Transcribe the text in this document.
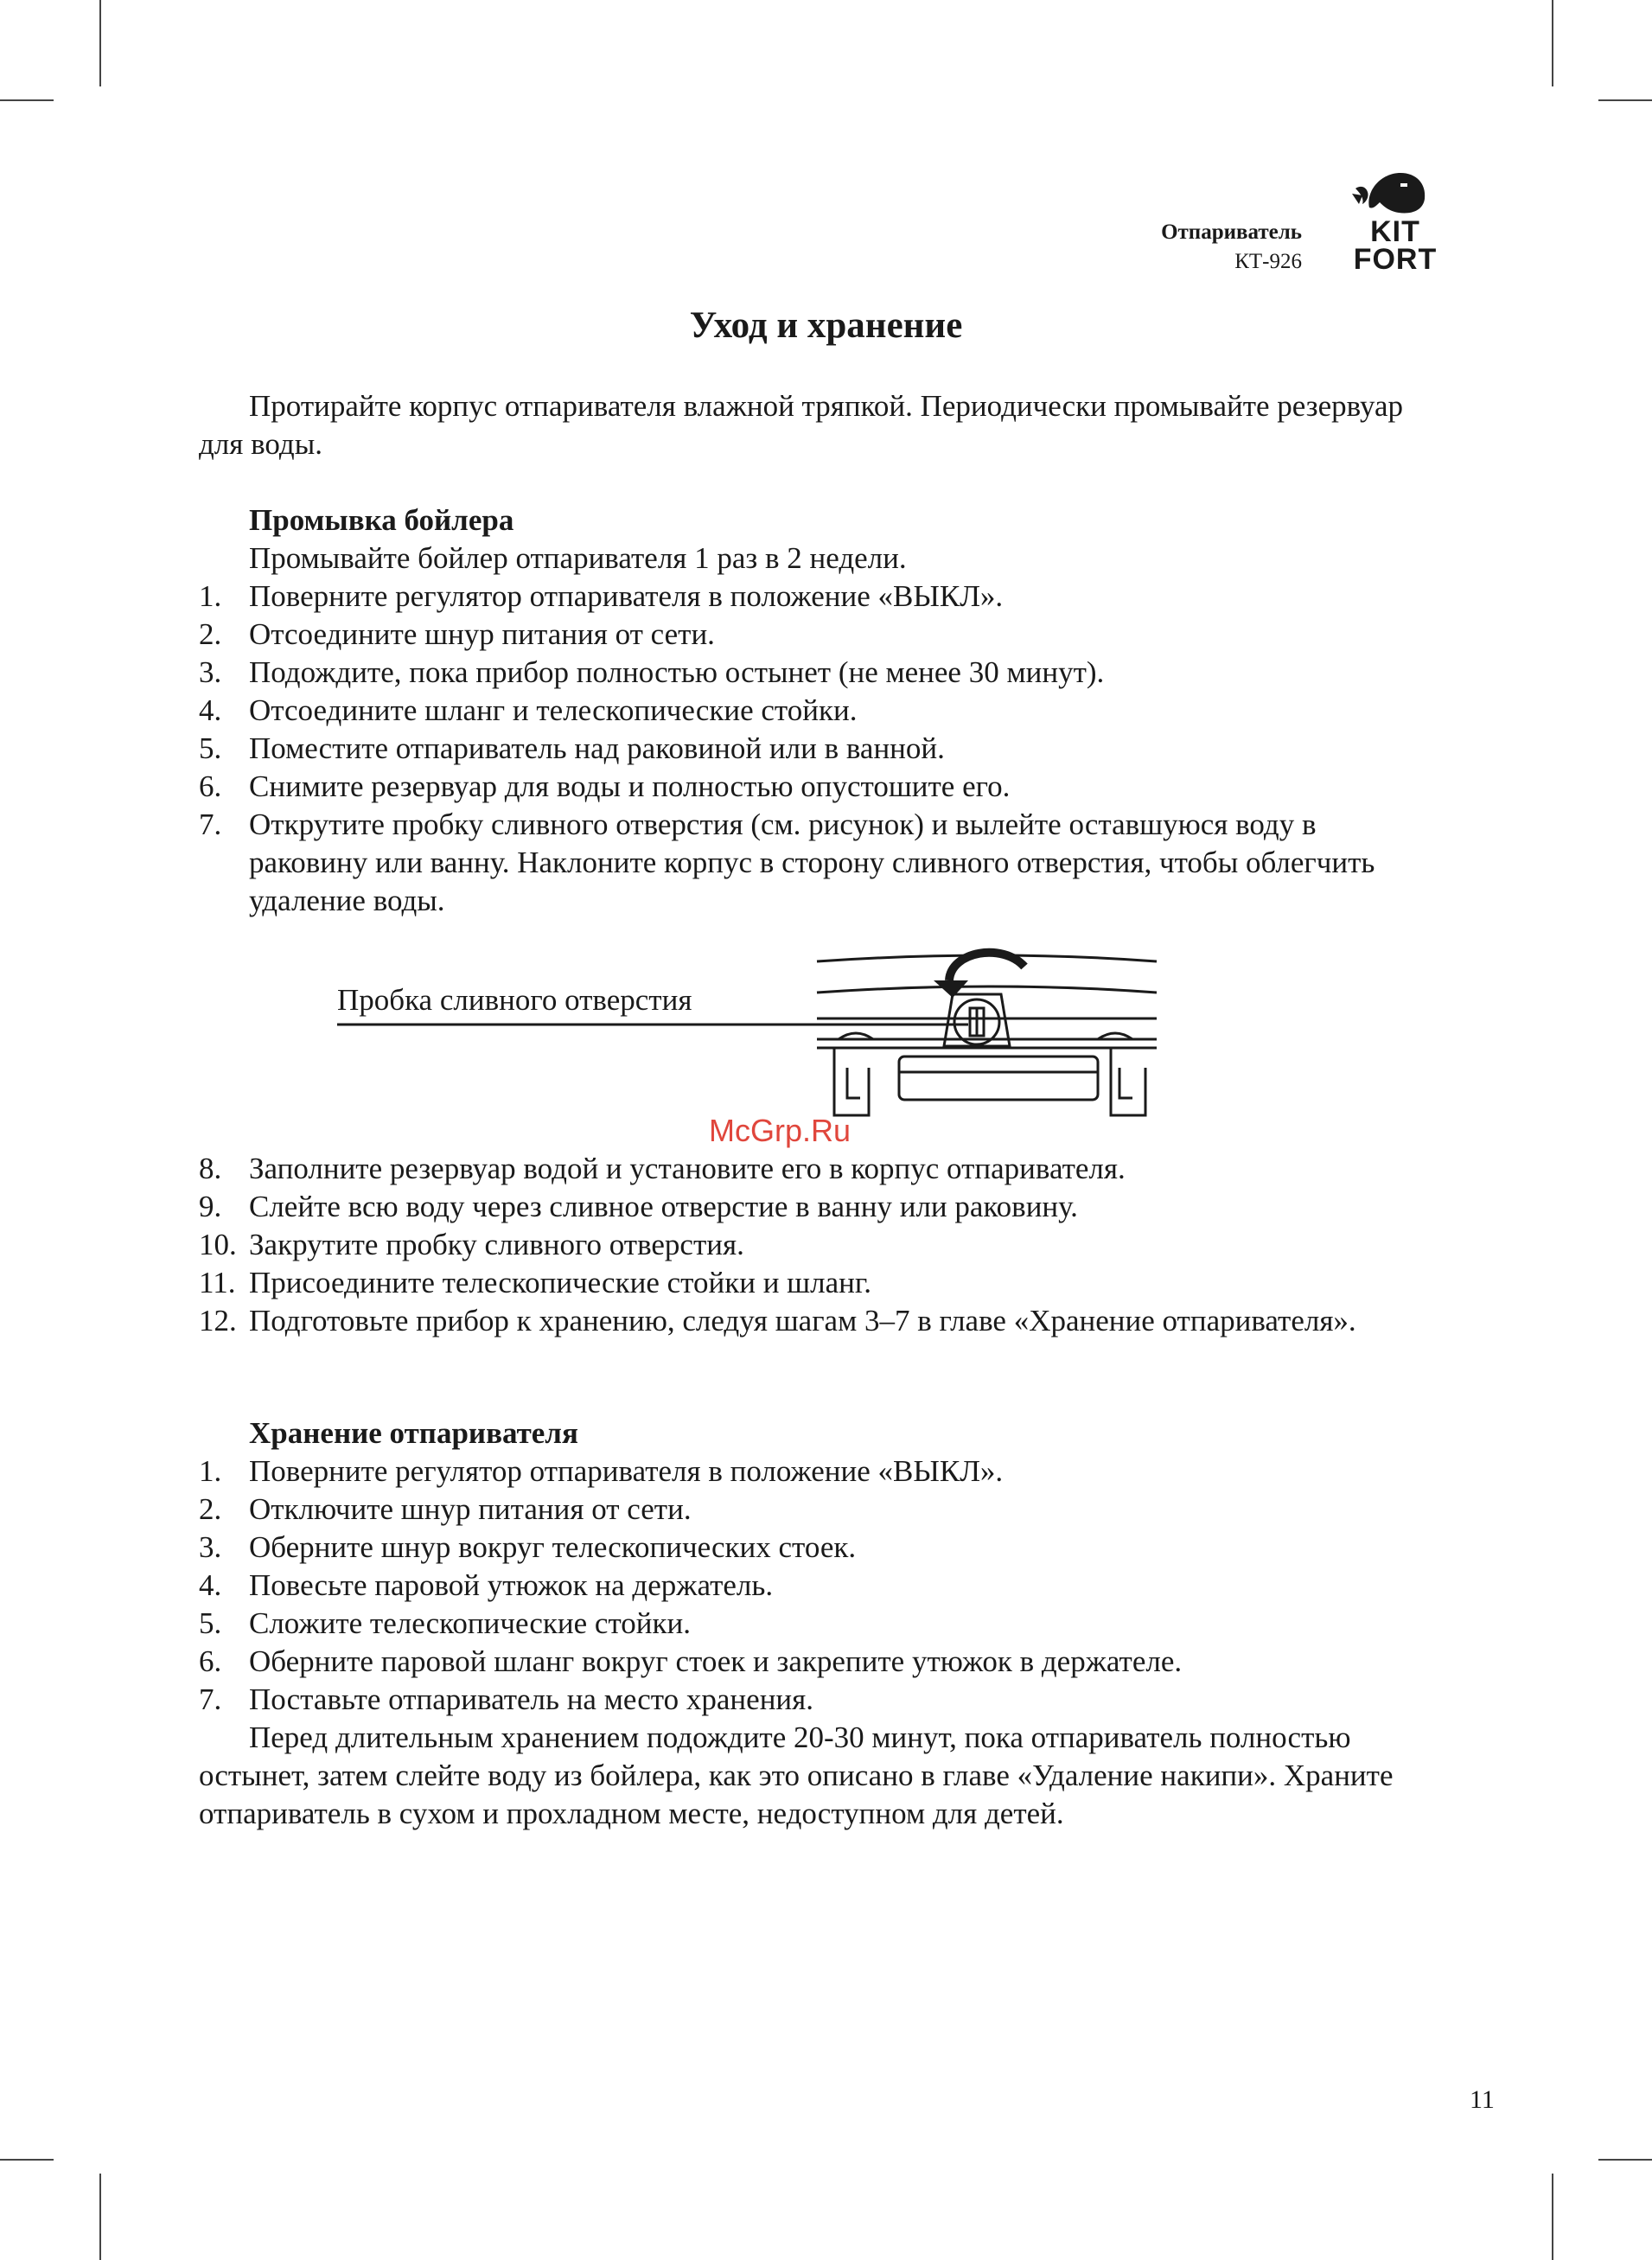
Отпариватель
КТ-926
KIT
FORT
Уход и хранение

Протирайте корпус отпаривателя влажной тряпкой. Периодически промывайте резервуар для воды.

Промывка бойлера

Промывайте бойлер отпаривателя 1 раз в 2 недели.

1. Поверните регулятор отпаривателя в положение «ВЫКЛ».
2. Отсоедините шнур питания от сети.
3. Подождите, пока прибор полностью остынет (не менее 30 минут).
4. Отсоедините шланг и телескопические стойки.
5. Поместите отпариватель над раковиной или в ванной.
6. Снимите резервуар для воды и полностью опустошите его.
7. Открутите пробку сливного отверстия (см. рисунок) и вылейте оставшуюся воду в раковину или ванну. Наклоните корпус в сторону сливного отверстия, чтобы облегчить удаление воды.
Пробка сливного отверстия
McGrp.Ru
8. Заполните резервуар водой и установите его в корпус отпаривателя.
9. Слейте всю воду через сливное отверстие в ванну или раковину.
10. Закрутите пробку сливного отверстия.
11. Присоедините телескопические стойки и шланг.
12. Подготовьте прибор к хранению, следуя шагам 3–7 в главе «Хранение отпаривателя».

Хранение отпаривателя

1. Поверните регулятор отпаривателя в положение «ВЫКЛ».
2. Отключите шнур питания от сети.
3. Оберните шнур вокруг телескопических стоек.
4. Повесьте паровой утюжок на держатель.
5. Сложите телескопические стойки.
6. Оберните паровой шланг вокруг стоек и закрепите утюжок в держателе.
7. Поставьте отпариватель на место хранения.

Перед длительным хранением подождите 20-30 минут, пока отпариватель полностью остынет, затем слейте воду из бойлера, как это описано в главе «Удаление накипи». Храните отпариватель в сухом и прохладном месте, недоступном для детей.

11
